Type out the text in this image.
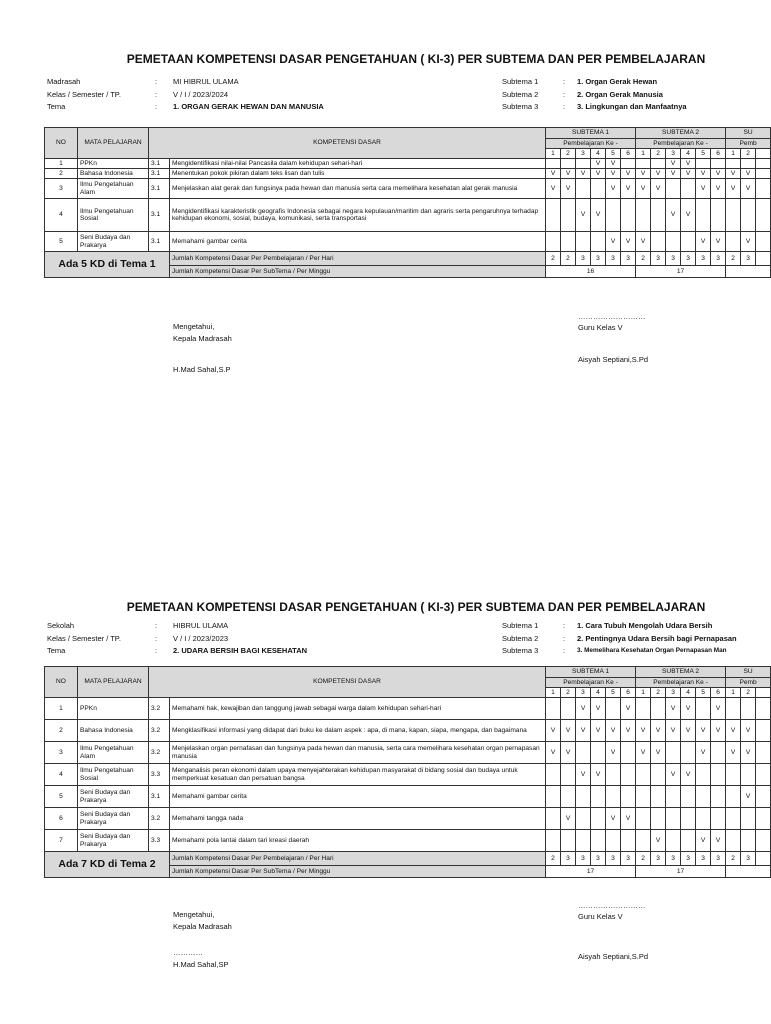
PEMETAAN KOMPETENSI DASAR PENGETAHUAN ( KI-3) PER SUBTEMA DAN PER PEMBELAJARAN
Madrasah	:	MI HIBRUL ULAMA
Kelas / Semester / TP.	:	V / I / 2023/2024
Tema	:	1. ORGAN GERAK HEWAN DAN MANUSIA
Subtema 1	:	1. Organ Gerak Hewan
Subtema 2	:	2. Organ Gerak Manusia
Subtema 3	:	3. Lingkungan dan Manfaatnya
NO	MATA PELAJARAN	KOMPETENSI DASAR		SUBTEMA 1						SUBTEMA 2						SU		
				Pembelajaran Ke -						Pembelajaran Ke -						Pemb		
				1	2	3	4	5	6	1	2	3	4	5	6	1	2	
1	PPKn	3.1	Mengidentifikasi nilai-nilai Pancasila dalam kehidupan sehari-hari				V	V				V	V					
2	Bahasa Indonesia	3.1	Menentukan pokok pikiran dalam teks lisan dan tulis	V	V	V	V	V	V	V	V	V	V	V	V	V	V	
3	Ilmu Pengetahuan Alam	3.1	Menjelaskan alat gerak dan fungsinya pada hewan dan manusia serta cara memelihara kesehatan alat gerak manusia	V	V			V	V	V	V			V	V	V	V	
4	Ilmu Pengetahuan Sosial	3.1	Mengidentifikasi karakteristik geografis Indonesia sebagai negara kepulauan/maritim dan agraris serta pengaruhnya terhadap kehidupan ekonomi, sosial, budaya, komunikasi, serta transportasi			V	V					V	V					
5	Seni Budaya dan Prakarya	3.1	Memahami gambar cerita					V	V	V				V	V		V	
Ada 5 KD di Tema 1			Jumlah Kompetensi Dasar Per Pembelajaran / Per Hari	2	2	3	3	3	3	2	3	3	3	3	3	2	3	
			Jumlah Kompetensi Dasar Per SubTema / Per Minggu	16						17								
Mengetahui,
Kepala Madrasah
H.Mad Sahal,S.P
………………………
Guru Kelas V
Aisyah Septiani,S.Pd
PEMETAAN KOMPETENSI DASAR PENGETAHUAN ( KI-3) PER SUBTEMA DAN PER PEMBELAJARAN
Sekolah	:	HIBRUL ULAMA
Kelas / Semester / TP.	:	V / I / 2023/2023
Tema	:	2. UDARA BERSIH BAGI KESEHATAN
Subtema 1	:	1. Cara Tubuh Mengolah Udara Bersih
Subtema 2	:	2. Pentingnya Udara Bersih bagi Pernapasan
Subtema 3	:	3. Memelihara Kesehatan Organ Pernapasan Man
NO	MATA PELAJARAN	KOMPETENSI DASAR		SUBTEMA 1						SUBTEMA 2						SU		
				Pembelajaran Ke -						Pembelajaran Ke -						Pemb		
				1	2	3	4	5	6	1	2	3	4	5	6	1	2	
1	PPKn	3.2	Memahami hak, kewajiban dan tanggung jawab sebagai warga dalam kehidupan sehari-hari			V	V		V			V	V		V			
2	Bahasa Indonesia	3.2	Mengklasifikasi informasi yang didapat dari buku ke dalam aspek : apa, di mana, kapan, siapa, mengapa, dan bagaimana	V	V	V	V	V	V	V	V	V	V	V	V	V	V	
3	Ilmu Pengetahuan Alam	3.2	Menjelaskan organ pernafasan dan fungsinya pada hewan dan manusia, serta cara memelihara kesehatan organ pernapasan manusia	V	V			V		V	V			V		V	V	
4	Ilmu Pengetahuan Sosial	3.3	Menganalisis peran ekonomi dalam upaya menyejahterakan kehidupan masyarakat di bidang sosial dan budaya untuk memperkuat kesatuan dan persatuan bangsa			V	V					V	V					
5	Seni Budaya dan Prakarya	3.1	Memahami gambar cerita														V	
6	Seni Budaya dan Prakarya	3.2	Memahami tangga nada		V			V	V									
7	Seni Budaya dan Prakarya	3.3	Memahami pola lantai dalam tari kreasi daerah								V			V	V			
Ada 7 KD di Tema 2			Jumlah Kompetensi Dasar Per Pembelajaran / Per Hari	2	3	3	3	3	3	2	3	3	3	3	3	2	3	
			Jumlah Kompetensi Dasar Per SubTema / Per Minggu	17						17								
Mengetahui,
Kepala Madrasah
…………
H.Mad Sahal,SP
………………………
Guru Kelas V
Aisyah Septiani,S.Pd
